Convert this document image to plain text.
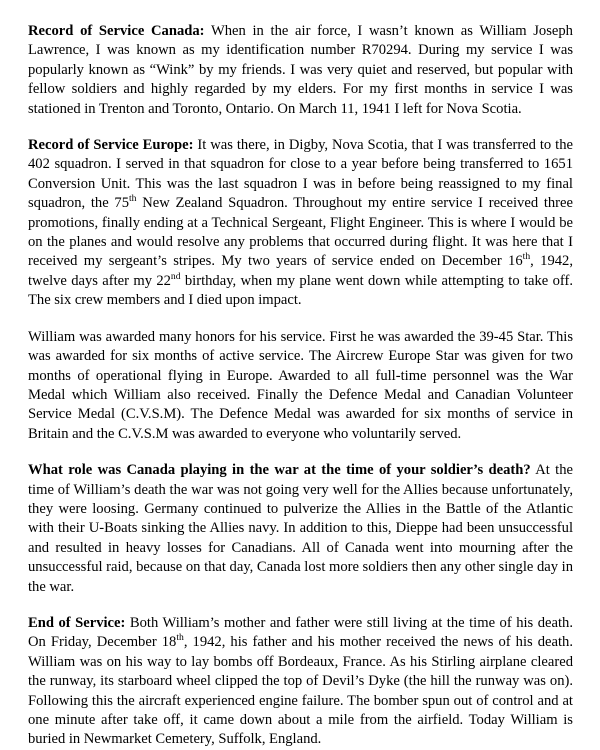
Record of Service Canada: When in the air force, I wasn’t known as William Joseph Lawrence, I was known as my identification number R70294. During my service I was popularly known as “Wink” by my friends. I was very quiet and reserved, but popular with fellow soldiers and highly regarded by my elders. For my first months in service I was stationed in Trenton and Toronto, Ontario. On March 11, 1941 I left for Nova Scotia.

Record of Service Europe: It was there, in Digby, Nova Scotia, that I was transferred to the 402 squadron. I served in that squadron for close to a year before being transferred to 1651 Conversion Unit. This was the last squadron I was in before being reassigned to my final squadron, the 75th New Zealand Squadron. Throughout my entire service I received three promotions, finally ending at a Technical Sergeant, Flight Engineer. This is where I would be on the planes and would resolve any problems that occurred during flight. It was here that I received my sergeant’s stripes. My two years of service ended on December 16th, 1942, twelve days after my 22nd birthday, when my plane went down while attempting to take off. The six crew members and I died upon impact.

William was awarded many honors for his service. First he was awarded the 39-45 Star. This was awarded for six months of active service. The Aircrew Europe Star was given for two months of operational flying in Europe. Awarded to all full-time personnel was the War Medal which William also received. Finally the Defence Medal and Canadian Volunteer Service Medal (C.V.S.M). The Defence Medal was awarded for six months of service in Britain and the C.V.S.M was awarded to everyone who voluntarily served.

What role was Canada playing in the war at the time of your soldier’s death? At the time of William’s death the war was not going very well for the Allies because unfortunately, they were loosing. Germany continued to pulverize the Allies in the Battle of the Atlantic with their U-Boats sinking the Allies navy. In addition to this, Dieppe had been unsuccessful and resulted in heavy losses for Canadians. All of Canada went into mourning after the unsuccessful raid, because on that day, Canada lost more soldiers then any other single day in the war.

End of Service: Both William’s mother and father were still living at the time of his death. On Friday, December 18th, 1942, his father and his mother received the news of his death. William was on his way to lay bombs off Bordeaux, France. As his Stirling airplane cleared the runway, its starboard wheel clipped the top of Devil’s Dyke (the hill the runway was on). Following this the aircraft experienced engine failure. The bomber spun out of control and at one minute after take off, it came down about a mile from the airfield. Today William is buried in Newmarket Cemetery, Suffolk, England.
